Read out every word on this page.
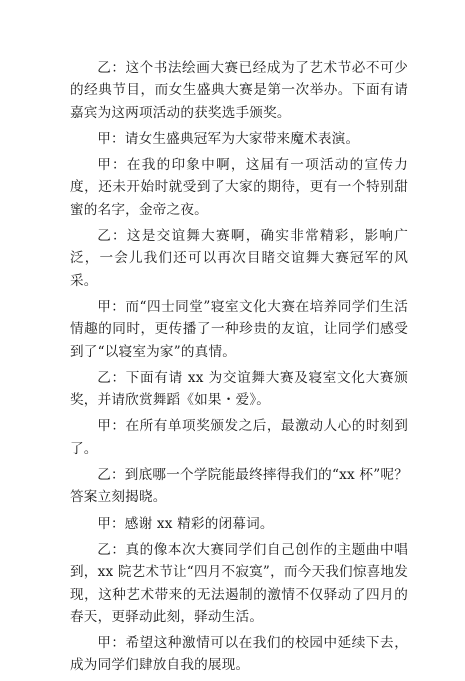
乙：这个书法绘画大赛已经成为了艺术节必不可少的经典节目，而女生盛典大赛是第一次举办。下面有请嘉宾为这两项活动的获奖选手颁奖。

甲：请女生盛典冠军为大家带来魔术表演。

甲：在我的印象中啊，这届有一项活动的宣传力度，还未开始时就受到了大家的期待，更有一个特别甜蜜的名字，金帝之夜。

乙：这是交谊舞大赛啊，确实非常精彩，影响广泛，一会儿我们还可以再次目睹交谊舞大赛冠军的风采。

甲：而“四士同堂”寝室文化大赛在培养同学们生活情趣的同时，更传播了一种珍贵的友谊，让同学们感受到了“以寝室为家”的真情。

乙：下面有请 xx 为交谊舞大赛及寝室文化大赛颁奖，并请欣赏舞蹈《如果・爱》。

甲：在所有单项奖颁发之后，最激动人心的时刻到了。

乙：到底哪一个学院能最终摔得我们的“xx 杯”呢？答案立刻揭晓。

甲：感谢 xx 精彩的闭幕词。

乙：真的像本次大赛同学们自己创作的主题曲中唱到，xx 院艺术节让“四月不寂寞”，而今天我们惊喜地发现，这种艺术带来的无法遏制的激情不仅驿动了四月的春天，更驿动此刻，驿动生活。

甲：希望这种激情可以在我们的校园中延续下去，成为同学们肆放自我的展现。
